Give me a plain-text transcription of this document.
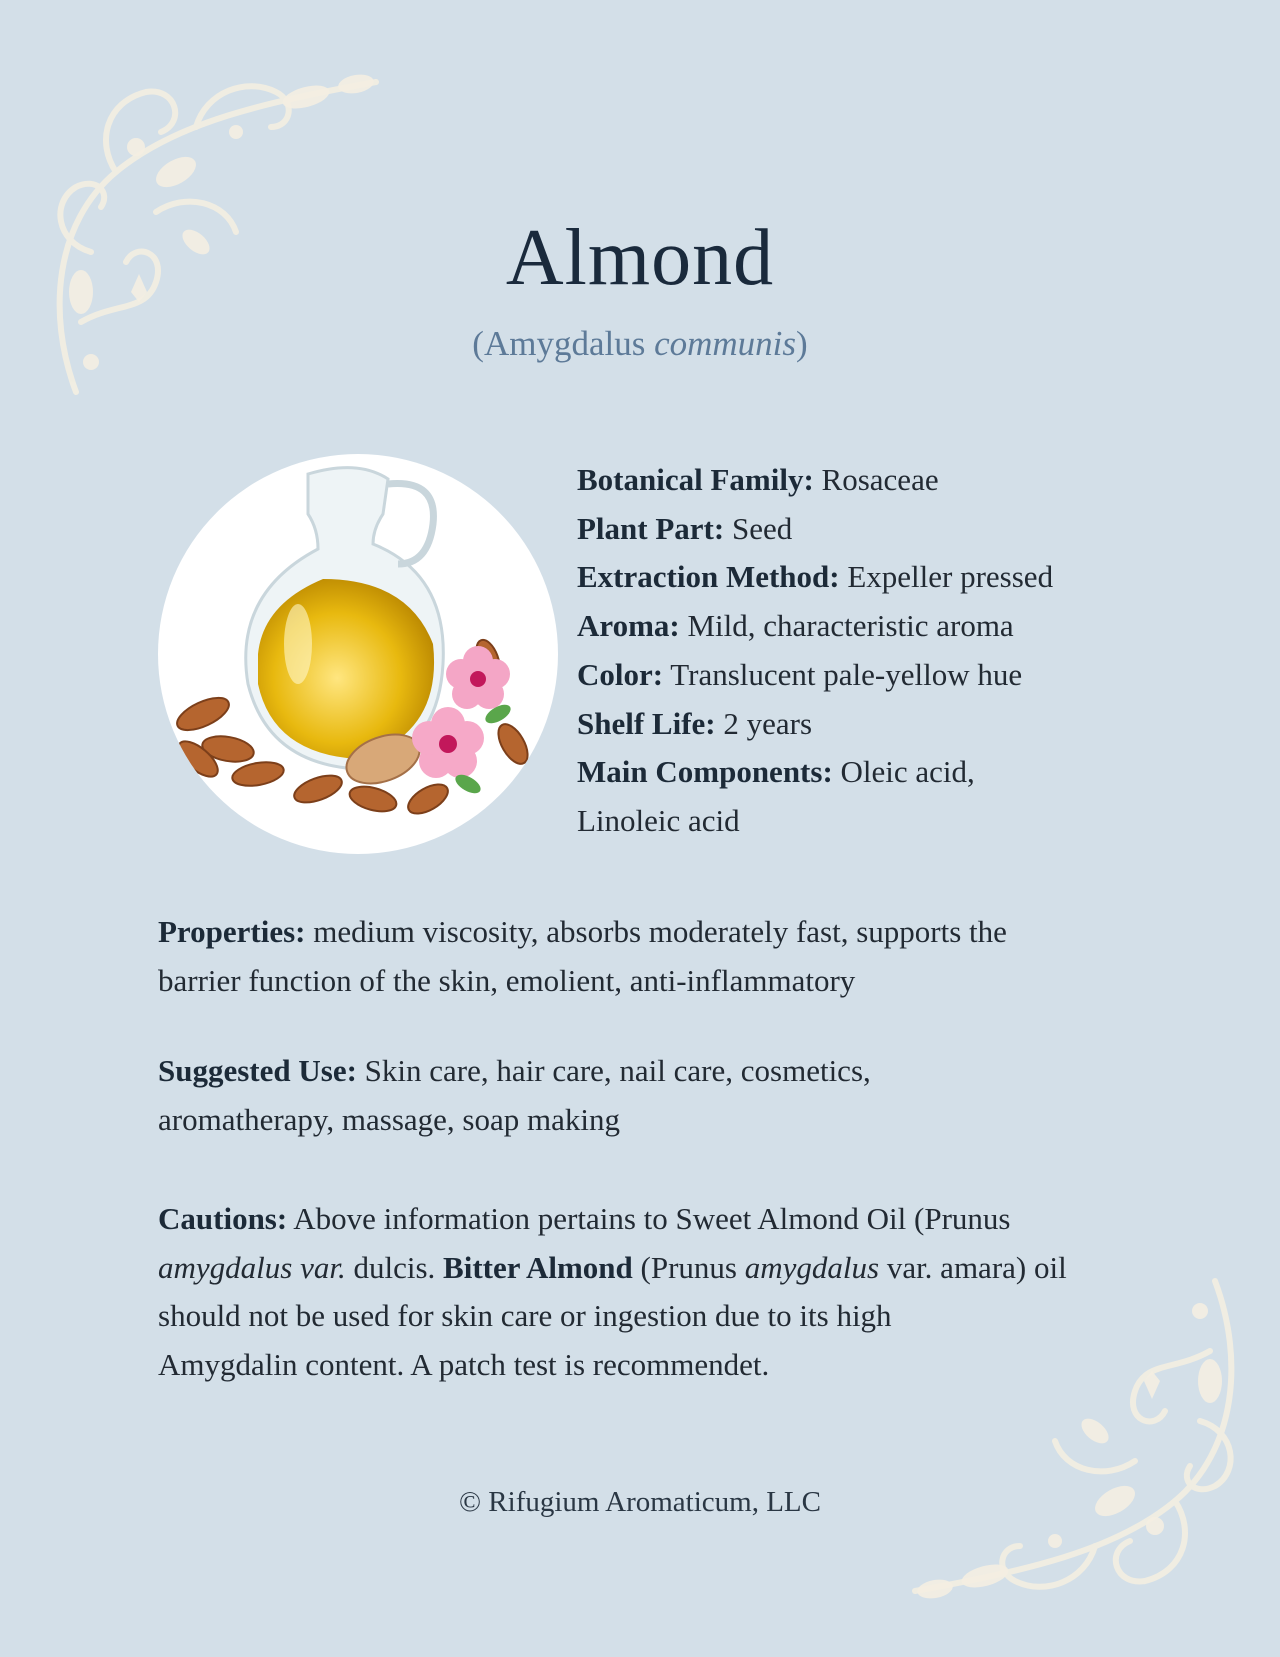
Almond
(Amygdalus communis)

Botanical Family: Rosaceae

Plant Part: Seed

Extraction Method: Expeller pressed

Aroma: Mild, characteristic aroma

Color: Translucent pale-yellow hue

Shelf Life: 2 years

Main Components: Oleic acid,

Linoleic acid

Properties: medium viscosity, absorbs moderately fast, supports the
barrier function of the skin, emolient, anti-inflammatory

Suggested Use: Skin care, hair care, nail care, cosmetics,
aromatherapy, massage, soap making

Cautions: Above information pertains to Sweet Almond Oil (Prunus
amygdalus var. dulcis. Bitter Almond (Prunus amygdalus var. amara) oil
should not be used for skin care or ingestion due to its high
Amygdalin content. A patch test is recommendet.

© Rifugium Aromaticum, LLC
